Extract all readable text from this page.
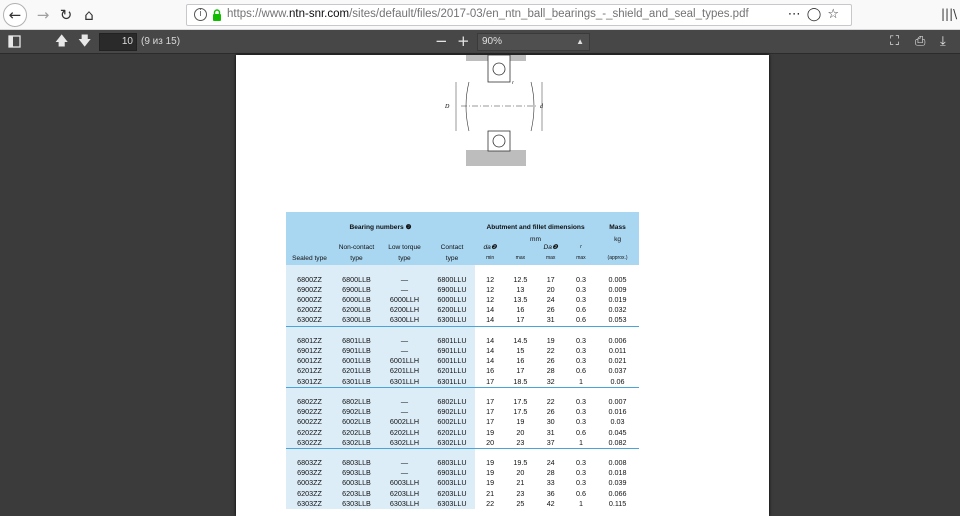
←	→ ↻ ⌂	i	https://www.ntn-snr.com/sites/default/files/2017-03/en_ntn_ball_bearings_-_shield_and_seal_types.pdf	⋯◯☆	|||\
🡅 🡇	10 (9 из 15)	− +	90%	▲︎	⛶ ⎙ ⤓
D	d
r
Bearing numbers ❷				Abutment and fillet dimensions				Mass
				mm				kg
	Non-contact	Low torque	Contact	da❷		Da❷	r	
Sealed type	type	type	type	min	max	max	max	(approx.)

6800ZZ	6800LLB	—	6800LLU	12	12.5	17	0.3	0.005
6900ZZ	6900LLB	—	6900LLU	12	13	20	0.3	0.009
6000ZZ	6000LLB	6000LLH	6000LLU	12	13.5	24	0.3	0.019
6200ZZ	6200LLB	6200LLH	6200LLU	14	16	26	0.6	0.032
6300ZZ	6300LLB	6300LLH	6300LLU	14	17	31	0.6	0.053

6801ZZ	6801LLB	—	6801LLU	14	14.5	19	0.3	0.006
6901ZZ	6901LLB	—	6901LLU	14	15	22	0.3	0.011
6001ZZ	6001LLB	6001LLH	6001LLU	14	16	26	0.3	0.021
6201ZZ	6201LLB	6201LLH	6201LLU	16	17	28	0.6	0.037
6301ZZ	6301LLB	6301LLH	6301LLU	17	18.5	32	1	0.06

6802ZZ	6802LLB	—	6802LLU	17	17.5	22	0.3	0.007
6902ZZ	6902LLB	—	6902LLU	17	17.5	26	0.3	0.016
6002ZZ	6002LLB	6002LLH	6002LLU	17	19	30	0.3	0.03
6202ZZ	6202LLB	6202LLH	6202LLU	19	20	31	0.6	0.045
6302ZZ	6302LLB	6302LLH	6302LLU	20	23	37	1	0.082

6803ZZ	6803LLB	—	6803LLU	19	19.5	24	0.3	0.008
6903ZZ	6903LLB	—	6903LLU	19	20	28	0.3	0.018
6003ZZ	6003LLB	6003LLH	6003LLU	19	21	33	0.3	0.039
6203ZZ	6203LLB	6203LLH	6203LLU	21	23	36	0.6	0.066
6303ZZ	6303LLB	6303LLH	6303LLU	22	25	42	1	0.115
